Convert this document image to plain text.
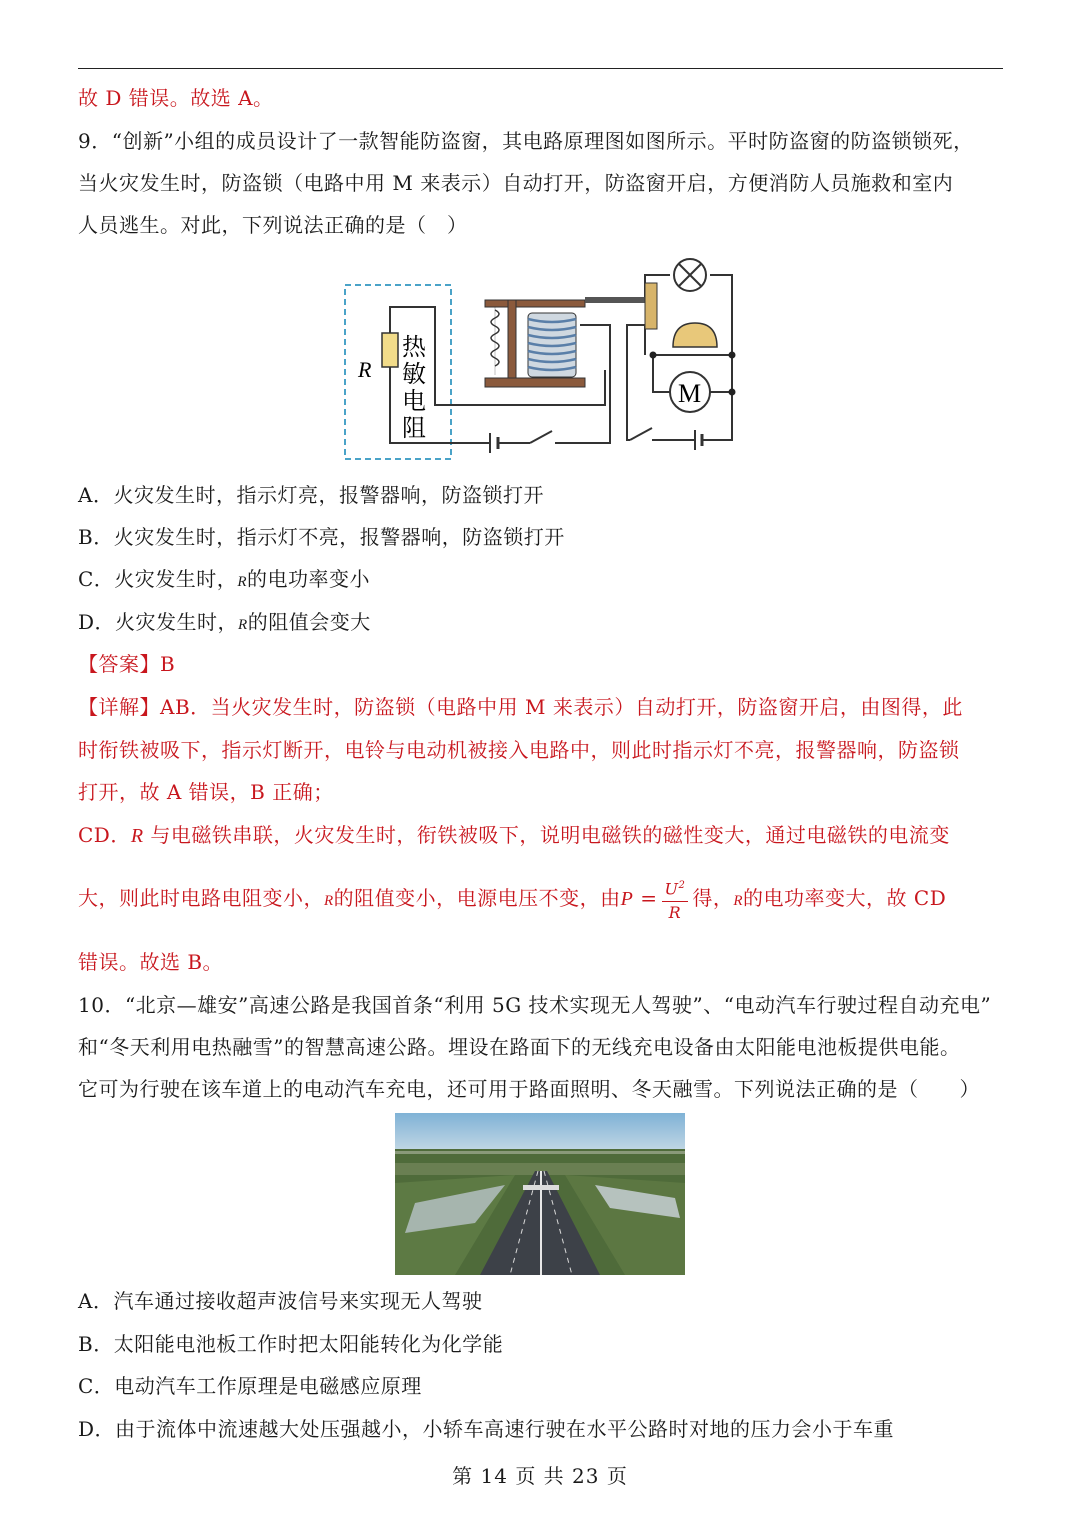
故 D 错误。故选 A。
9．“创新”小组的成员设计了一款智能防盗窗，其电路原理图如图所示。平时防盗窗的防盗锁锁死，
当火灾发生时，防盗锁（电路中用 M 来表示）自动打开，防盗窗开启，方便消防人员施救和室内
人员逃生。对此，下列说法正确的是（　）
R
热
敏
电
阻
M
A．火灾发生时，指示灯亮，报警器响，防盗锁打开
B．火灾发生时，指示灯不亮，报警器响，防盗锁打开
C．火灾发生时，R的电功率变小
D．火灾发生时，R的阻值会变大
【答案】B
【详解】AB．当火灾发生时，防盗锁（电路中用 M 来表示）自动打开，防盗窗开启，由图得，此
时衔铁被吸下，指示灯断开，电铃与电动机被接入电路中，则此时指示灯不亮，报警器响，防盗锁
打开，故 A 错误，B 正确；
CD．R 与电磁铁串联，火灾发生时，衔铁被吸下，说明电磁铁的磁性变大，通过电磁铁的电流变
大，则此时电路电阻变小，R的阻值变小，电源电压不变，由$P = \frac{U^2}{R}$ 得，R的电功率变大，故 CD
错误。故选 B。
10．“北京—雄安”高速公路是我国首条“利用 5G 技术实现无人驾驶”、“电动汽车行驶过程自动充电”
和“冬天利用电热融雪”的智慧高速公路。埋设在路面下的无线充电设备由太阳能电池板提供电能。
它可为行驶在该车道上的电动汽车充电，还可用于路面照明、冬天融雪。下列说法正确的是（　　）
A．汽车通过接收超声波信号来实现无人驾驶
B．太阳能电池板工作时把太阳能转化为化学能
C．电动汽车工作原理是电磁感应原理
D．由于流体中流速越大处压强越小，小轿车高速行驶在水平公路时对地的压力会小于车重
第 14 页 共 23 页
